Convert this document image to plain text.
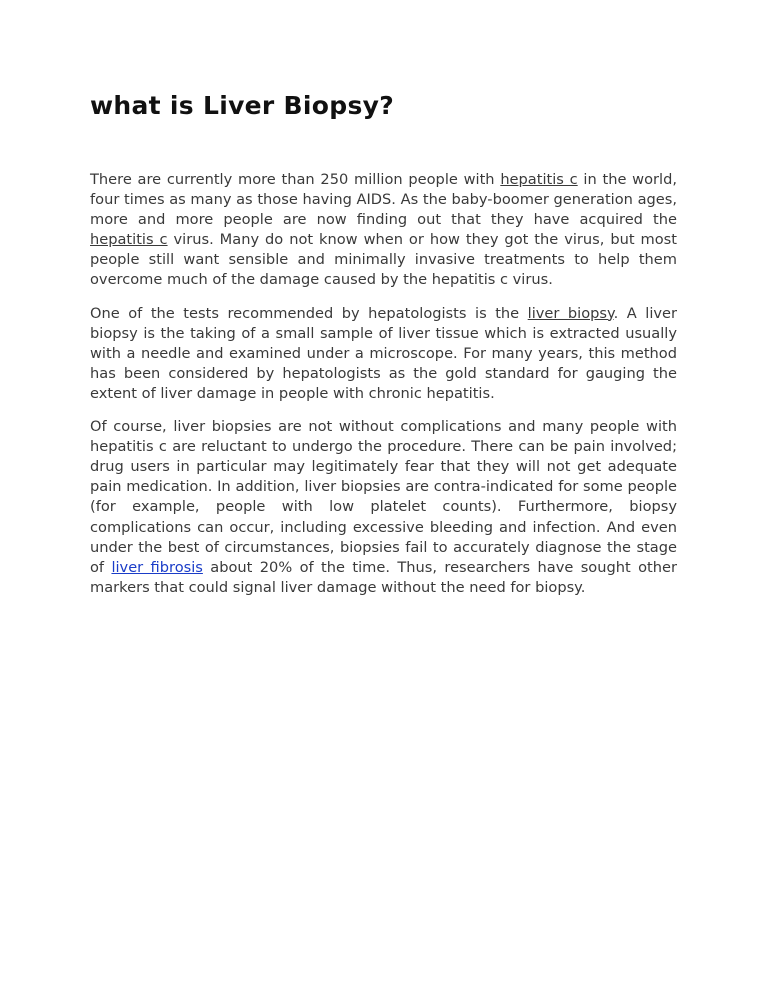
what is Liver Biopsy?

There are currently more than 250 million people with hepatitis c in the world, four times as many as those having AIDS. As the baby-boomer generation ages, more and more people are now finding out that they have acquired the hepatitis c virus. Many do not know when or how they got the virus, but most people still want sensible and minimally invasive treatments to help them overcome much of the damage caused by the hepatitis c virus.

One of the tests recommended by hepatologists is the liver biopsy. A liver biopsy is the taking of a small sample of liver tissue which is extracted usually with a needle and examined under a microscope. For many years, this method has been considered by hepatologists as the gold standard for gauging the extent of liver damage in people with chronic hepatitis.

Of course, liver biopsies are not without complications and many people with hepatitis c are reluctant to undergo the procedure. There can be pain involved; drug users in particular may legitimately fear that they will not get adequate pain medication. In addition, liver biopsies are contra-indicated for some people (for example, people with low platelet counts). Furthermore, biopsy complications can occur, including excessive bleeding and infection. And even under the best of circumstances, biopsies fail to accurately diagnose the stage of liver fibrosis about 20% of the time. Thus, researchers have sought other markers that could signal liver damage without the need for biopsy.
